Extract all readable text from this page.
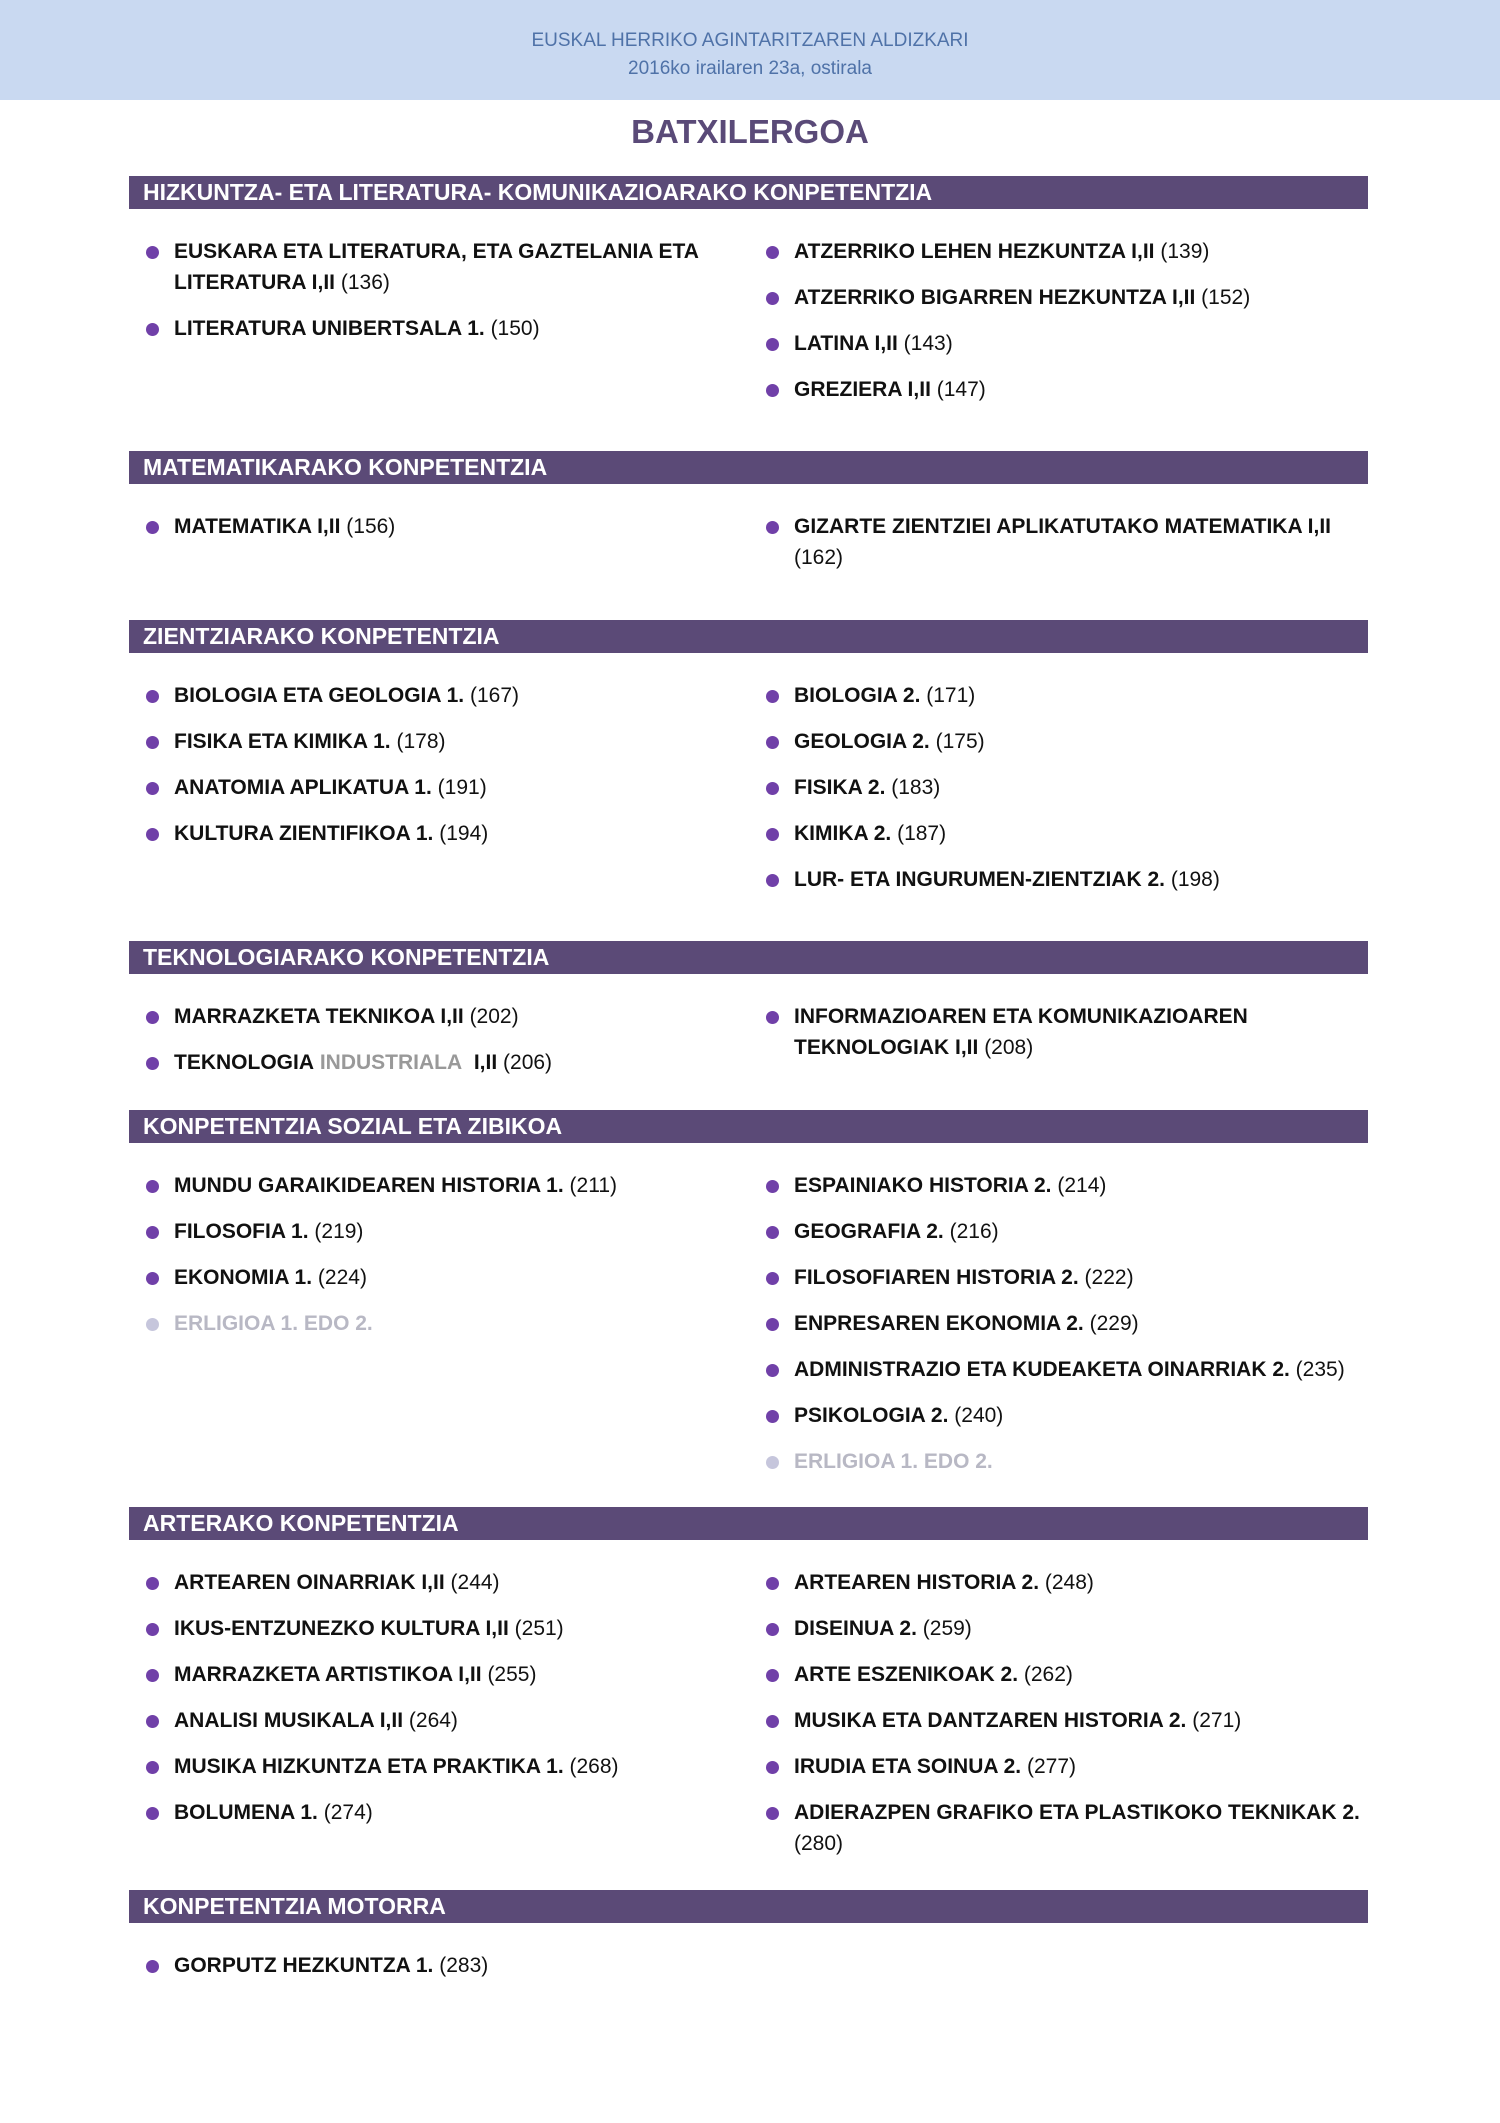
EUSKAL HERRIKO AGINTARITZAREN ALDIZKARI
2016ko irailaren 23a, ostirala
BATXILERGOA
HIZKUNTZA- ETA LITERATURA- KOMUNIKAZIOARAKO KONPETENTZIA
EUSKARA ETA LITERATURA, ETA GAZTELANIA ETA LITERATURA I,II (136)
LITERATURA UNIBERTSALA 1. (150)
ATZERRIKO LEHEN HEZKUNTZA I,II (139)
ATZERRIKO BIGARREN HEZKUNTZA I,II (152)
LATINA I,II (143)
GREZIERA I,II (147)
MATEMATIKARAKO KONPETENTZIA
MATEMATIKA I,II (156)	GIZARTE ZIENTZIEI APLIKATUTAKO MATEMATIKA I,II (162)
ZIENTZIARAKO KONPETENTZIA
BIOLOGIA ETA GEOLOGIA 1. (167)
FISIKA ETA KIMIKA 1. (178)
ANATOMIA APLIKATUA 1. (191)
KULTURA ZIENTIFIKOA 1. (194)
BIOLOGIA 2. (171)
GEOLOGIA 2. (175)
FISIKA 2. (183)
KIMIKA 2. (187)
LUR- ETA INGURUMEN-ZIENTZIAK 2. (198)
TEKNOLOGIARAKO KONPETENTZIA
MARRAZKETA TEKNIKOA I,II (202)
TEKNOLOGIA INDUSTRIALA I,II (206)
INFORMAZIOAREN ETA KOMUNIKAZIOAREN TEKNOLOGIAK I,II (208)
KONPETENTZIA SOZIAL ETA ZIBIKOA
MUNDU GARAIKIDEAREN HISTORIA 1. (211)
FILOSOFIA 1. (219)
EKONOMIA 1. (224)
ERLIGIOA 1. EDO 2.
ESPAINIAKO HISTORIA 2. (214)
GEOGRAFIA 2. (216)
FILOSOFIAREN HISTORIA 2. (222)
ENPRESAREN EKONOMIA 2. (229)
ADMINISTRAZIO ETA KUDEAKETA OINARRIAK 2. (235)
PSIKOLOGIA 2. (240)
ERLIGIOA 1. EDO 2.
ARTERAKO KONPETENTZIA
ARTEAREN OINARRIAK I,II (244)
IKUS-ENTZUNEZKO KULTURA I,II (251)
MARRAZKETA ARTISTIKOA I,II (255)
ANALISI MUSIKALA I,II (264)
MUSIKA HIZKUNTZA ETA PRAKTIKA 1. (268)
BOLUMENA 1. (274)
ARTEAREN HISTORIA 2. (248)
DISEINUA 2. (259)
ARTE ESZENIKOAK 2. (262)
MUSIKA ETA DANTZAREN HISTORIA 2. (271)
IRUDIA ETA SOINUA 2. (277)
ADIERAZPEN GRAFIKO ETA PLASTIKOKO TEKNIKAK 2. (280)
KONPETENTZIA MOTORRA
GORPUTZ HEZKUNTZA 1. (283)
